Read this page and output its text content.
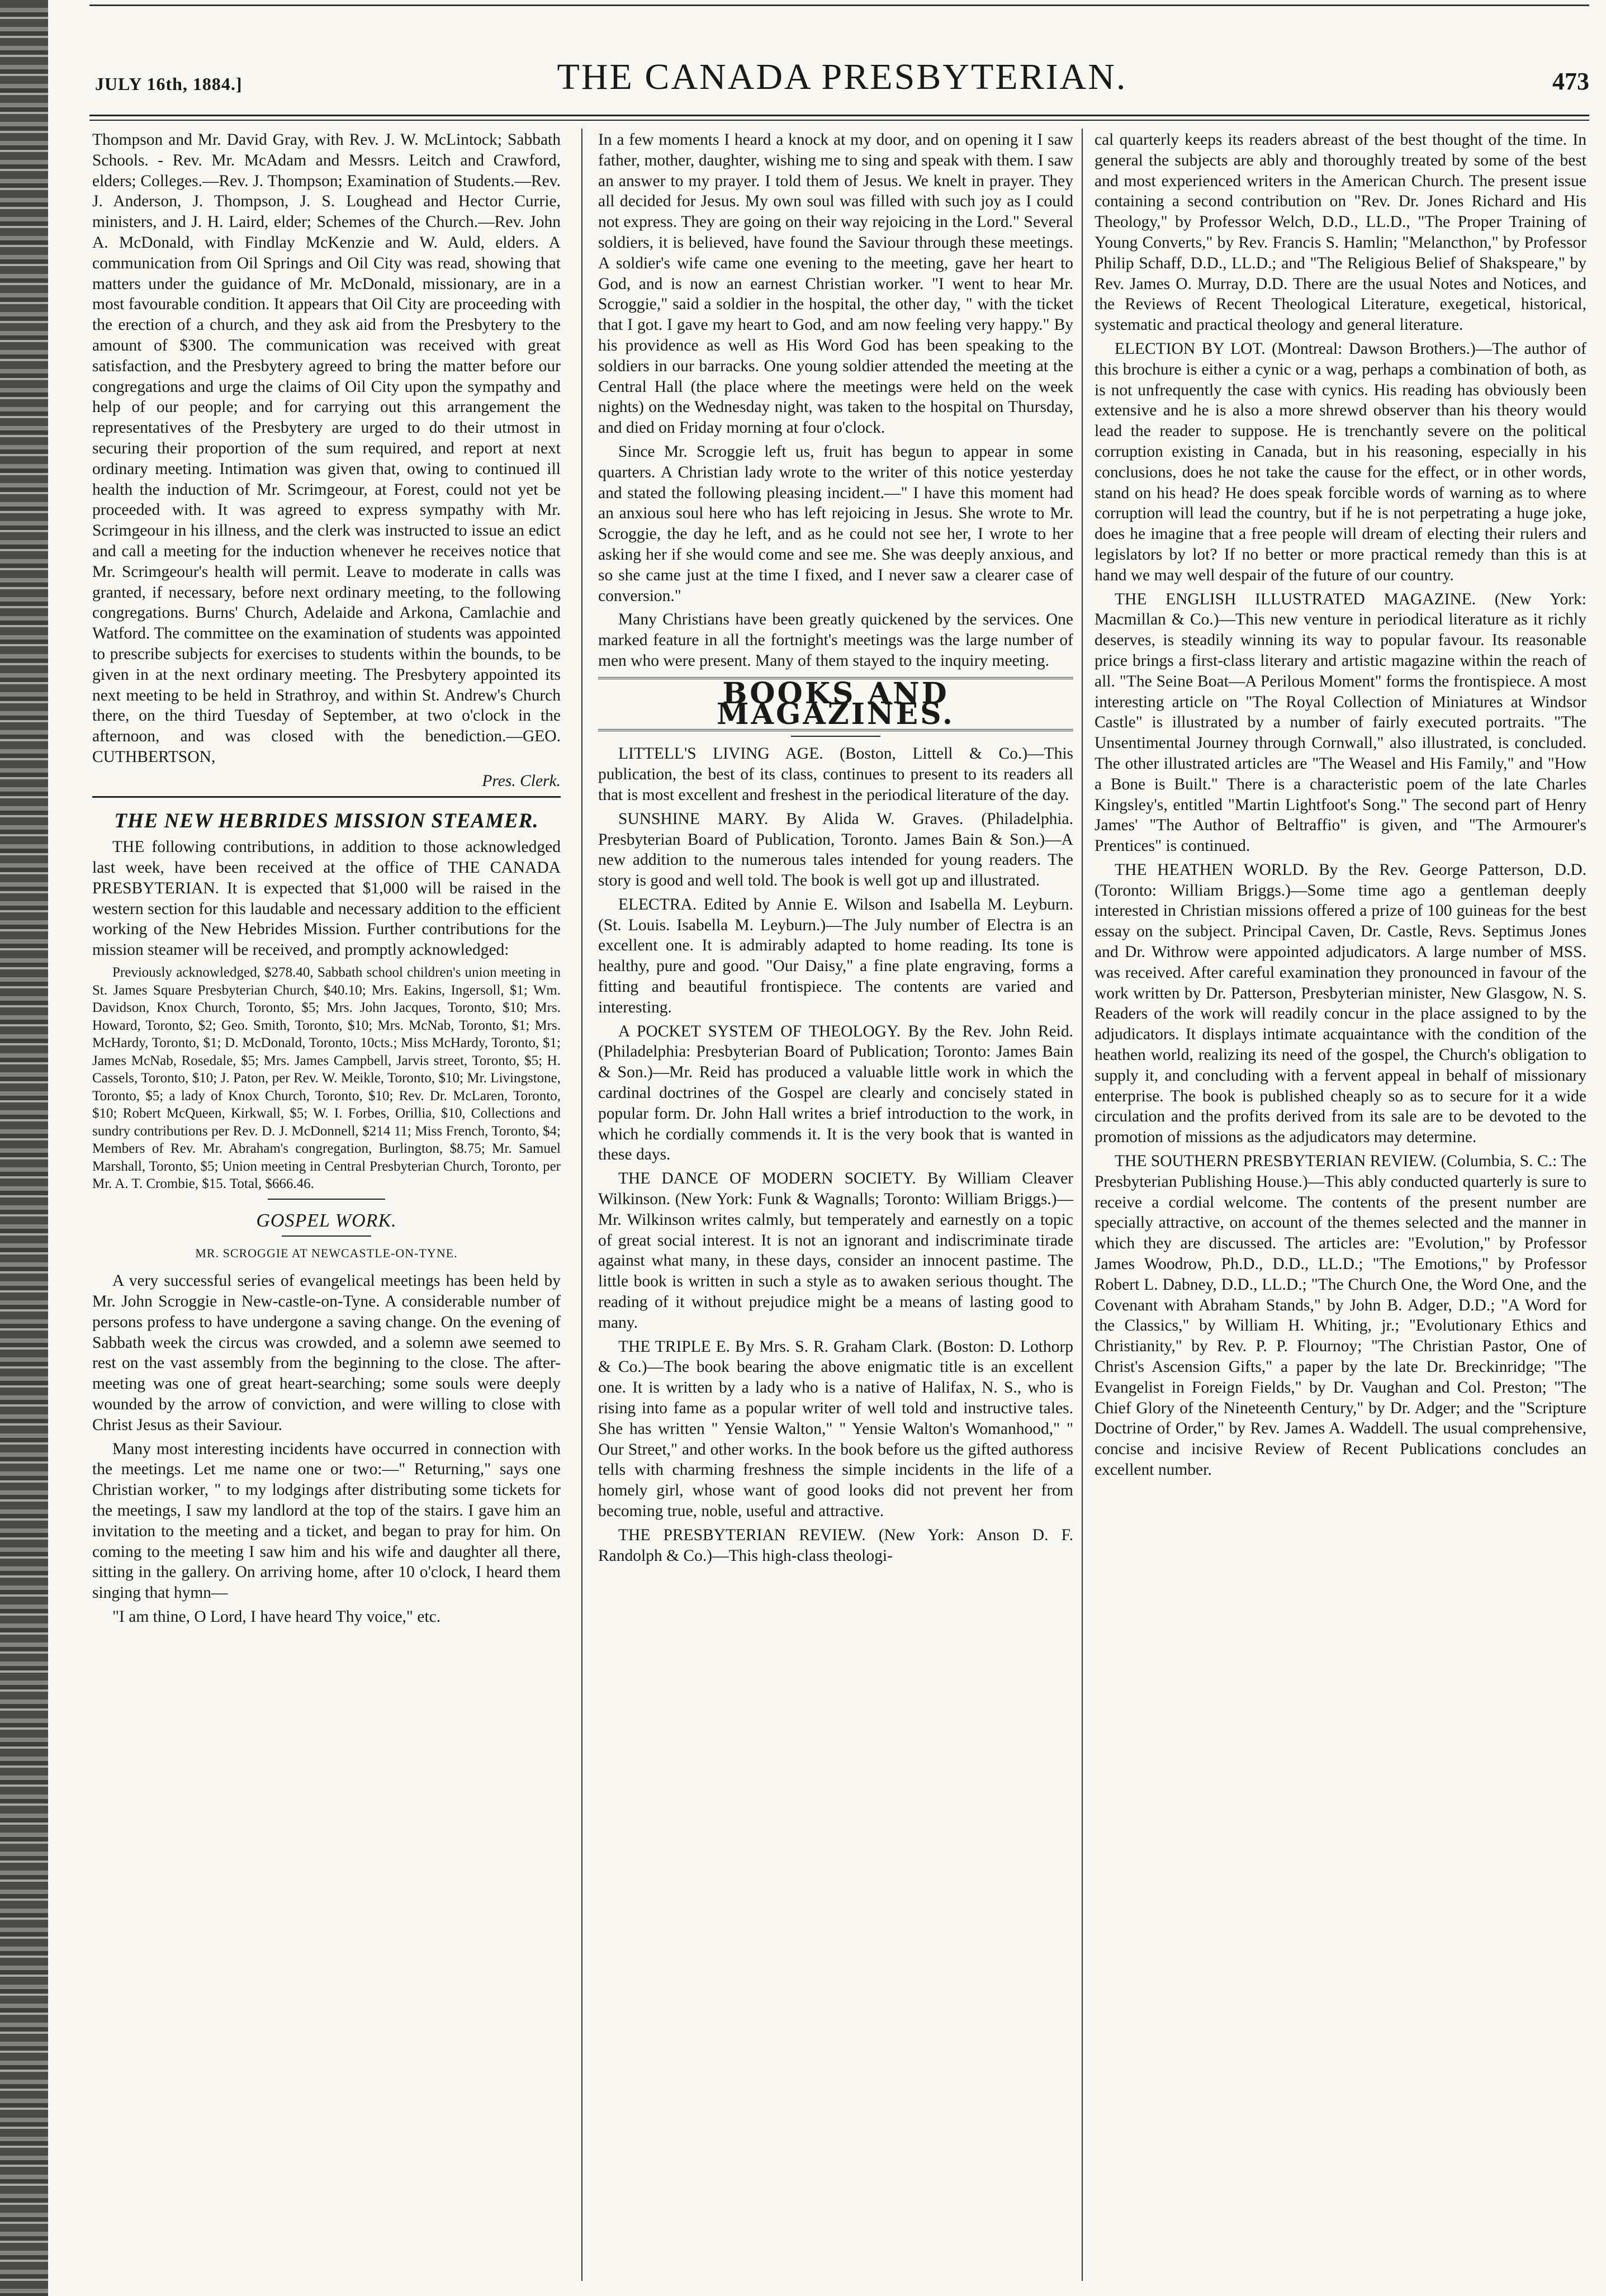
JULY 16th, 1884.]	THE CANADA PRESBYTERIAN.	473

Thompson and Mr. David Gray, with Rev. J. W. McLintock; Sabbath Schools. - Rev. Mr. McAdam and Messrs. Leitch and Crawford, elders; Colleges.—Rev. J. Thompson; Examination of Students.—Rev. J. Anderson, J. Thompson, J. S. Loughead and Hector Currie, ministers, and J. H. Laird, elder; Schemes of the Church.—Rev. John A. McDonald, with Findlay McKenzie and W. Auld, elders. A communication from Oil Springs and Oil City was read, showing that matters under the guidance of Mr. McDonald, missionary, are in a most favourable condition. It appears that Oil City are proceeding with the erection of a church, and they ask aid from the Presbytery to the amount of $300. The communication was received with great satisfaction, and the Presbytery agreed to bring the matter before our congregations and urge the claims of Oil City upon the sympathy and help of our people; and for carrying out this arrangement the representatives of the Presbytery are urged to do their utmost in securing their proportion of the sum required, and report at next ordinary meeting. Intimation was given that, owing to continued ill health the induction of Mr. Scrimgeour, at Forest, could not yet be proceeded with. It was agreed to express sympathy with Mr. Scrimgeour in his illness, and the clerk was instructed to issue an edict and call a meeting for the induction whenever he receives notice that Mr. Scrimgeour's health will permit. Leave to moderate in calls was granted, if necessary, before next ordinary meeting, to the following congregations. Burns' Church, Adelaide and Arkona, Camlachie and Watford. The committee on the examination of students was appointed to prescribe subjects for exercises to students within the bounds, to be given in at the next ordinary meeting. The Presbytery appointed its next meeting to be held in Strathroy, and within St. Andrew's Church there, on the third Tuesday of September, at two o'clock in the afternoon, and was closed with the benediction.—GEO. CUTHBERTSON,

Pres. Clerk.
THE NEW HEBRIDES MISSION STEAMER.

THE following contributions, in addition to those acknowledged last week, have been received at the office of THE CANADA PRESBYTERIAN. It is expected that $1,000 will be raised in the western section for this laudable and necessary addition to the efficient working of the New Hebrides Mission. Further contributions for the mission steamer will be received, and promptly acknowledged:

Previously acknowledged, $278.40, Sabbath school children's union meeting in St. James Square Presbyterian Church, $40.10; Mrs. Eakins, Ingersoll, $1; Wm. Davidson, Knox Church, Toronto, $5; Mrs. John Jacques, Toronto, $10; Mrs. Howard, Toronto, $2; Geo. Smith, Toronto, $10; Mrs. McNab, Toronto, $1; Mrs. McHardy, Toronto, $1; D. McDonald, Toronto, 10cts.; Miss McHardy, Toronto, $1; James McNab, Rosedale, $5; Mrs. James Campbell, Jarvis street, Toronto, $5; H. Cassels, Toronto, $10; J. Paton, per Rev. W. Meikle, Toronto, $10; Mr. Livingstone, Toronto, $5; a lady of Knox Church, Toronto, $10; Rev. Dr. McLaren, Toronto, $10; Robert McQueen, Kirkwall, $5; W. I. Forbes, Orillia, $10, Collections and sundry contributions per Rev. D. J. McDonnell, $214 11; Miss French, Toronto, $4; Members of Rev. Mr. Abraham's congregation, Burlington, $8.75; Mr. Samuel Marshall, Toronto, $5; Union meeting in Central Presbyterian Church, Toronto, per Mr. A. T. Crombie, $15. Total, $666.46.

GOSPEL WORK.
MR. SCROGGIE AT NEWCASTLE-ON-TYNE.

A very successful series of evangelical meetings has been held by Mr. John Scroggie in New-castle-on-Tyne. A considerable number of persons profess to have undergone a saving change. On the evening of Sabbath week the circus was crowded, and a solemn awe seemed to rest on the vast assembly from the beginning to the close. The after-meeting was one of great heart-searching; some souls were deeply wounded by the arrow of conviction, and were willing to close with Christ Jesus as their Saviour.

Many most interesting incidents have occurred in connection with the meetings. Let me name one or two:—" Returning," says one Christian worker, " to my lodgings after distributing some tickets for the meetings, I saw my landlord at the top of the stairs. I gave him an invitation to the meeting and a ticket, and began to pray for him. On coming to the meeting I saw him and his wife and daughter all there, sitting in the gallery. On arriving home, after 10 o'clock, I heard them singing that hymn—

"I am thine, O Lord, I have heard Thy voice," etc.

In a few moments I heard a knock at my door, and on opening it I saw father, mother, daughter, wishing me to sing and speak with them. I saw an answer to my prayer. I told them of Jesus. We knelt in prayer. They all decided for Jesus. My own soul was filled with such joy as I could not express. They are going on their way rejoicing in the Lord." Several soldiers, it is believed, have found the Saviour through these meetings. A soldier's wife came one evening to the meeting, gave her heart to God, and is now an earnest Christian worker. "I went to hear Mr. Scroggie," said a soldier in the hospital, the other day, " with the ticket that I got. I gave my heart to God, and am now feeling very happy." By his providence as well as His Word God has been speaking to the soldiers in our barracks. One young soldier attended the meeting at the Central Hall (the place where the meetings were held on the week nights) on the Wednesday night, was taken to the hospital on Thursday, and died on Friday morning at four o'clock.

Since Mr. Scroggie left us, fruit has begun to appear in some quarters. A Christian lady wrote to the writer of this notice yesterday and stated the following pleasing incident.—" I have this moment had an anxious soul here who has left rejoicing in Jesus. She wrote to Mr. Scroggie, the day he left, and as he could not see her, I wrote to her asking her if she would come and see me. She was deeply anxious, and so she came just at the time I fixed, and I never saw a clearer case of conversion."

Many Christians have been greatly quickened by the services. One marked feature in all the fortnight's meetings was the large number of men who were present. Many of them stayed to the inquiry meeting.

BOOKS AND MAGAZINES.

LITTELL'S LIVING AGE. (Boston, Littell & Co.)—This publication, the best of its class, continues to present to its readers all that is most excellent and freshest in the periodical literature of the day.

SUNSHINE MARY. By Alida W. Graves. (Philadelphia. Presbyterian Board of Publication, Toronto. James Bain & Son.)—A new addition to the numerous tales intended for young readers. The story is good and well told. The book is well got up and illustrated.

ELECTRA. Edited by Annie E. Wilson and Isabella M. Leyburn. (St. Louis. Isabella M. Leyburn.)—The July number of Electra is an excellent one. It is admirably adapted to home reading. Its tone is healthy, pure and good. "Our Daisy," a fine plate engraving, forms a fitting and beautiful frontispiece. The contents are varied and interesting.

A POCKET SYSTEM OF THEOLOGY. By the Rev. John Reid. (Philadelphia: Presbyterian Board of Publication; Toronto: James Bain & Son.)—Mr. Reid has produced a valuable little work in which the cardinal doctrines of the Gospel are clearly and concisely stated in popular form. Dr. John Hall writes a brief introduction to the work, in which he cordially commends it. It is the very book that is wanted in these days.

THE DANCE OF MODERN SOCIETY. By William Cleaver Wilkinson. (New York: Funk & Wagnalls; Toronto: William Briggs.)—Mr. Wilkinson writes calmly, but temperately and earnestly on a topic of great social interest. It is not an ignorant and indiscriminate tirade against what many, in these days, consider an innocent pastime. The little book is written in such a style as to awaken serious thought. The reading of it without prejudice might be a means of lasting good to many.

THE TRIPLE E. By Mrs. S. R. Graham Clark. (Boston: D. Lothorp & Co.)—The book bearing the above enigmatic title is an excellent one. It is written by a lady who is a native of Halifax, N. S., who is rising into fame as a popular writer of well told and instructive tales. She has written " Yensie Walton," " Yensie Walton's Womanhood," " Our Street," and other works. In the book before us the gifted authoress tells with charming freshness the simple incidents in the life of a homely girl, whose want of good looks did not prevent her from becoming true, noble, useful and attractive.

THE PRESBYTERIAN REVIEW. (New York: Anson D. F. Randolph & Co.)—This high-class theologi-

cal quarterly keeps its readers abreast of the best thought of the time. In general the subjects are ably and thoroughly treated by some of the best and most experienced writers in the American Church. The present issue containing a second contribution on "Rev. Dr. Jones Richard and His Theology," by Professor Welch, D.D., LL.D., "The Proper Training of Young Converts," by Rev. Francis S. Hamlin; "Melancthon," by Professor Philip Schaff, D.D., LL.D.; and "The Religious Belief of Shakspeare," by Rev. James O. Murray, D.D. There are the usual Notes and Notices, and the Reviews of Recent Theological Literature, exegetical, historical, systematic and practical theology and general literature.

ELECTION BY LOT. (Montreal: Dawson Brothers.)—The author of this brochure is either a cynic or a wag, perhaps a combination of both, as is not unfrequently the case with cynics. His reading has obviously been extensive and he is also a more shrewd observer than his theory would lead the reader to suppose. He is trenchantly severe on the political corruption existing in Canada, but in his reasoning, especially in his conclusions, does he not take the cause for the effect, or in other words, stand on his head? He does speak forcible words of warning as to where corruption will lead the country, but if he is not perpetrating a huge joke, does he imagine that a free people will dream of electing their rulers and legislators by lot? If no better or more practical remedy than this is at hand we may well despair of the future of our country.

THE ENGLISH ILLUSTRATED MAGAZINE. (New York: Macmillan & Co.)—This new venture in periodical literature as it richly deserves, is steadily winning its way to popular favour. Its reasonable price brings a first-class literary and artistic magazine within the reach of all. "The Seine Boat—A Perilous Moment" forms the frontispiece. A most interesting article on "The Royal Collection of Miniatures at Windsor Castle" is illustrated by a number of fairly executed portraits. "The Unsentimental Journey through Cornwall," also illustrated, is concluded. The other illustrated articles are "The Weasel and His Family," and "How a Bone is Built." There is a characteristic poem of the late Charles Kingsley's, entitled "Martin Lightfoot's Song." The second part of Henry James' "The Author of Beltraffio" is given, and "The Armourer's Prentices" is continued.

THE HEATHEN WORLD. By the Rev. George Patterson, D.D. (Toronto: William Briggs.)—Some time ago a gentleman deeply interested in Christian missions offered a prize of 100 guineas for the best essay on the subject. Principal Caven, Dr. Castle, Revs. Septimus Jones and Dr. Withrow were appointed adjudicators. A large number of MSS. was received. After careful examination they pronounced in favour of the work written by Dr. Patterson, Presbyterian minister, New Glasgow, N. S. Readers of the work will readily concur in the place assigned to by the adjudicators. It displays intimate acquaintance with the condition of the heathen world, realizing its need of the gospel, the Church's obligation to supply it, and concluding with a fervent appeal in behalf of missionary enterprise. The book is published cheaply so as to secure for it a wide circulation and the profits derived from its sale are to be devoted to the promotion of missions as the adjudicators may determine.

THE SOUTHERN PRESBYTERIAN REVIEW. (Columbia, S. C.: The Presbyterian Publishing House.)—This ably conducted quarterly is sure to receive a cordial welcome. The contents of the present number are specially attractive, on account of the themes selected and the manner in which they are discussed. The articles are: "Evolution," by Professor James Woodrow, Ph.D., D.D., LL.D.; "The Emotions," by Professor Robert L. Dabney, D.D., LL.D.; "The Church One, the Word One, and the Covenant with Abraham Stands," by John B. Adger, D.D.; "A Word for the Classics," by William H. Whiting, jr.; "Evolutionary Ethics and Christianity," by Rev. P. P. Flournoy; "The Christian Pastor, One of Christ's Ascension Gifts," a paper by the late Dr. Breckinridge; "The Evangelist in Foreign Fields," by Dr. Vaughan and Col. Preston; "The Chief Glory of the Nineteenth Century," by Dr. Adger; and the "Scripture Doctrine of Order," by Rev. James A. Waddell. The usual comprehensive, concise and incisive Review of Recent Publications concludes an excellent number.
